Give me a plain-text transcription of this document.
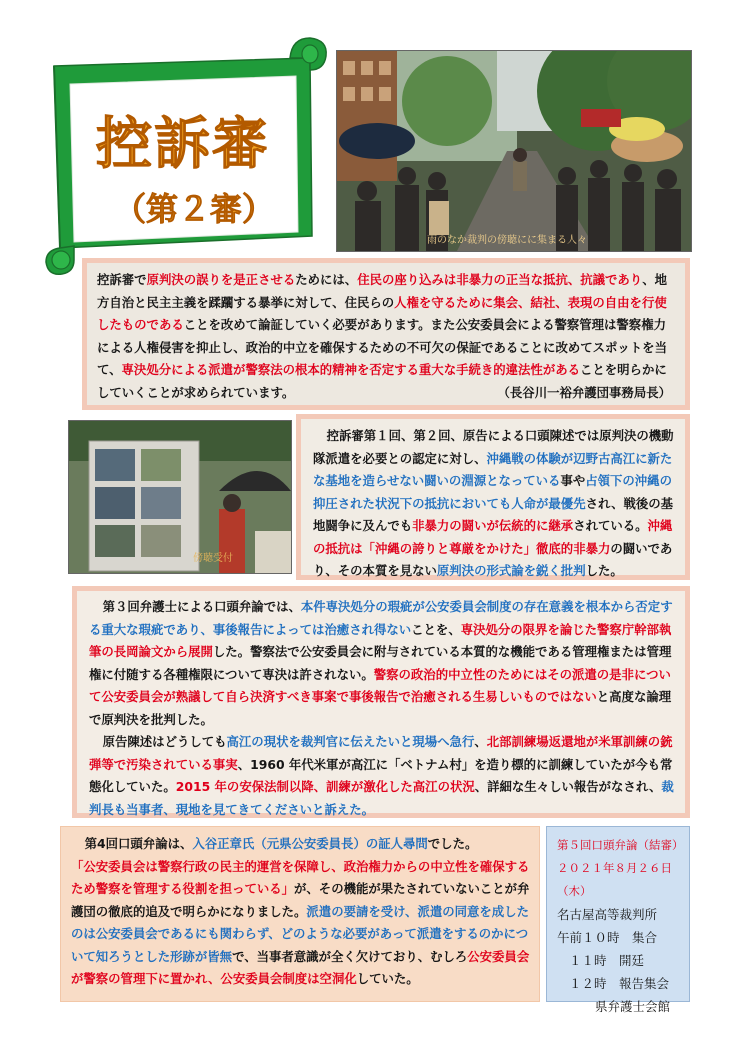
控訴審
（第２審）
雨のなか裁判の傍聴にに集まる人々
傍聴受付

控訴審で原判決の誤りを是正させるためには、住民の座り込みは非暴力の正当な抵抗、抗議であり、地方自治と民主主義を蹂躙する暴挙に対して、住民らの人権を守るために集会、結社、表現の自由を行使したものであることを改めて論証していく必要があります。また公安委員会による警察管理は警察権力による人権侵害を抑止し、政治的中立を確保するための不可欠の保証であることに改めてスポットを当て、専決処分による派遣が警察法の根本的精神を否定する重大な手続き的違法性があることを明らかにしていくことが求められています。	（長谷川一裕弁護団事務局長）

控訴審第１回、第２回、原告による口頭陳述では原判決の機動隊派遣を必要との認定に対し、沖縄戦の体験が辺野古高江に新たな基地を造らせない闘いの淵源となっている事や占領下の沖縄の抑圧された状況下の抵抗においても人命が最優先され、戦後の基地闘争に及んでも非暴力の闘いが伝統的に継承されている。沖縄の抵抗は「沖縄の誇りと尊厳をかけた」徹底的非暴力の闘いであり、その本質を見ない原判決の形式論を鋭く批判した。

第３回弁護士による口頭弁論では、本件専決処分の瑕疵が公安委員会制度の存在意義を根本から否定する重大な瑕疵であり、事後報告によっては治癒され得ないことを、専決処分の限界を論じた警察庁幹部執筆の長岡論文から展開した。警察法で公安委員会に附与されている本質的な機能である管理権または管理権に付随する各種権限について専決は許されない。警察の政治的中立性のためにはその派遣の是非について公安委員会が熟議して自ら決済すべき事案で事後報告で治癒される生易しいものではないと高度な論理で原判決を批判した。

原告陳述はどうしても高江の現状を裁判官に伝えたいと現場へ急行、北部訓練場返還地が米軍訓練の銃弾等で汚染されている事実、1960 年代米軍が高江に「ベトナム村」を造り標的に訓練していたが今も常態化していた。2015 年の安保法制以降、訓練が激化した高江の状況、詳細な生々しい報告がなされ、裁判長も当事者、現地を見てきてくださいと訴えた。

第4回口頭弁論は、入谷正章氏（元県公安委員長）の証人尋問でした。

「公安委員会は警察行政の民主的運営を保障し、政治権力からの中立性を確保するため警察を管理する役割を担っている」が、その機能が果たされていないことが弁護団の徹底的追及で明らかになりました。派遣の要請を受け、派遣の同意を成したのは公安委員会であるにも関わらず、どのような必要があって派遣をするのかについて知ろうとした形跡が皆無で、当事者意識が全く欠けており、むしろ公安委員会が警察の管理下に置かれ、公安委員会制度は空洞化していた。

第５回口頭弁論（結審）
２０２１年８月２６日（木）
名古屋高等裁判所
午前１０時　集合
１１時　開廷
１２時　報告集会
県弁護士会館
